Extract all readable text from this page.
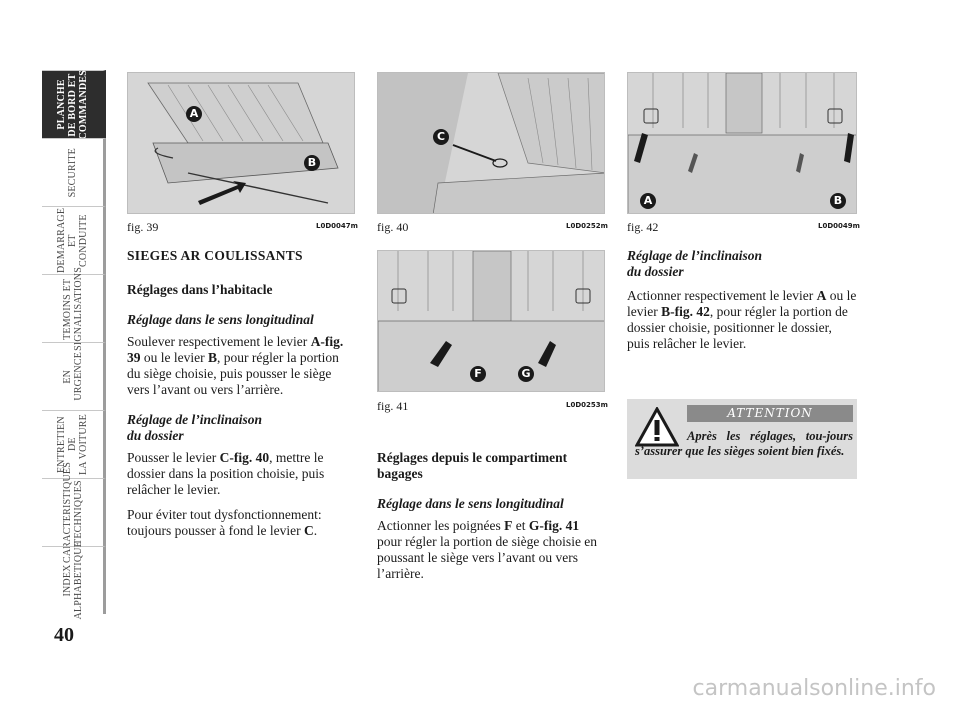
PLANCHE
DE BORD ET
COMMANDES
SECURITE
DEMARRAGE
ET CONDUITE
TEMOINS ET
SIGNALISATIONS
EN
URGENCE
ENTRETIEN DE
LA VOITURE
CARACTERISTIQUES
TECHNIQUES
INDEX
ALPHABETIQUE
40
A
B
fig. 39	L0D0047m
C
fig. 40	L0D0252m
F	G
fig. 41	L0D0253m
A	B
fig. 42	L0D0049m
SIEGES AR COULISSANTS
Réglages dans l’habitacle
Réglage dans le sens longitudinal

Soulever respectivement le levier A-fig. 39 ou le levier B, pour régler la portion du siège choisie, puis pousser le siège vers l’avant ou vers l’arrière.

Réglage de l’inclinaison
du dossier

Pousser le levier C-fig. 40, mettre le dossier dans la position choisie, puis relâcher le levier.

Pour éviter tout dysfonctionnement: toujours pousser à fond le levier C.

Réglages depuis le compartiment bagages
Réglage dans le sens longitudinal

Actionner les poignées F et G-fig. 41 pour régler la portion de siège choisie en poussant le siège vers l’avant ou vers l’arrière.

Réglage de l’inclinaison
du dossier

Actionner respectivement le levier A ou le levier B-fig. 42, pour régler la portion de dossier choisie, positionner le dossier, puis relâcher le levier.

ATTENTION
Après les réglages, tou-jours s’assurer que les sièges soient bien fixés.
carmanualsonline.info
